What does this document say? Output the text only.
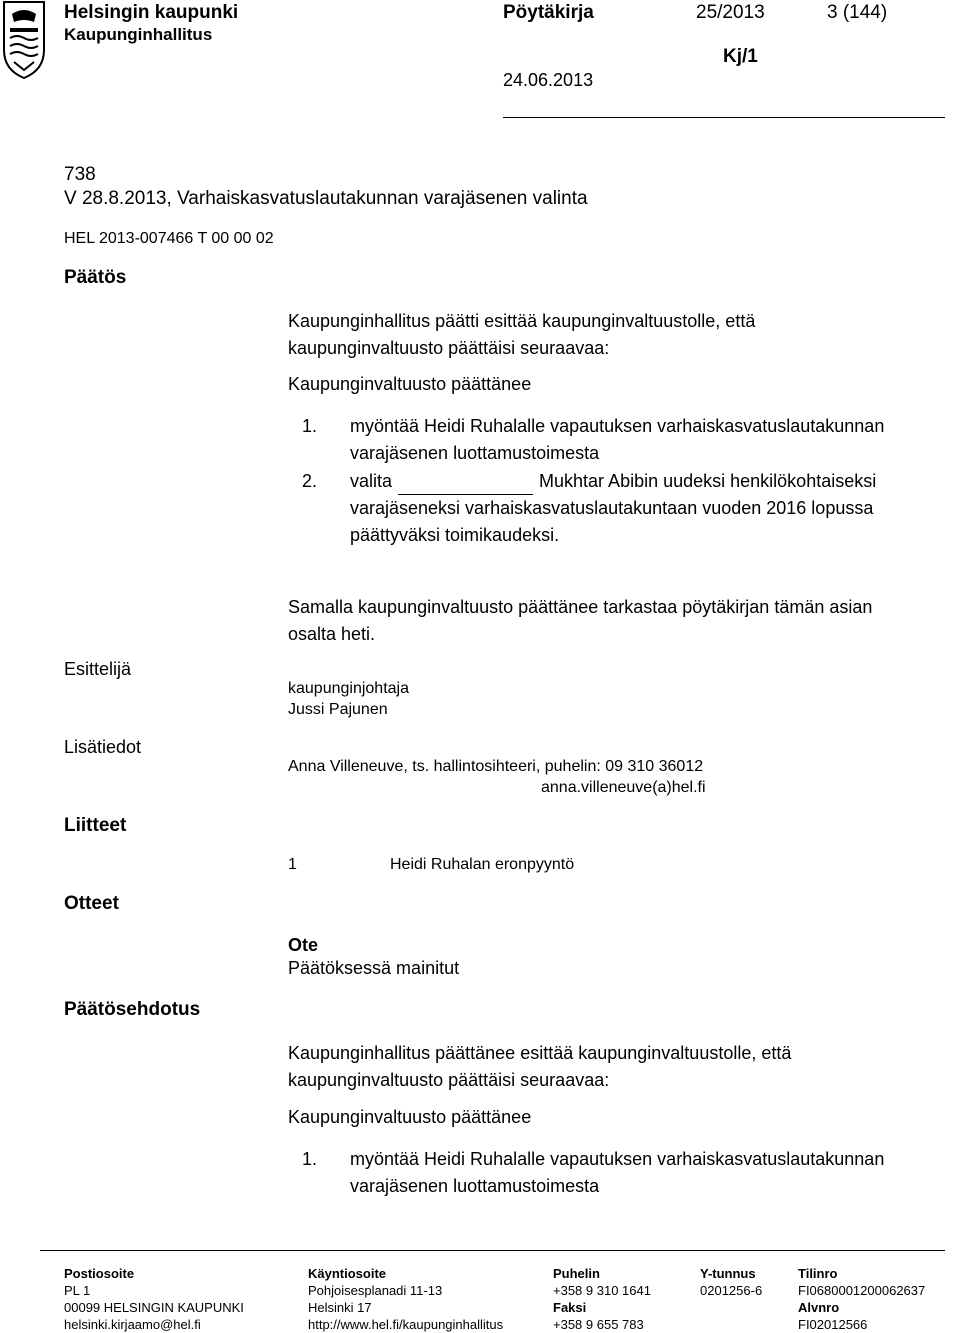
Helsingin kaupunki
Kaupunginhallitus
Pöytäkirja	25/2013	3 (144)
Kj/1
24.06.2013
738
V 28.8.2013, Varhaiskasvatuslautakunnan varajäsenen valinta
HEL 2013-007466 T 00 00 02
Päätös
Kaupunginhallitus päätti esittää kaupunginvaltuustolle, että kaupunginvaltuusto päättäisi seuraavaa:
Kaupunginvaltuusto päättänee
1. myöntää Heidi Ruhalalle vapautuksen varhaiskasvatuslautakunnan varajäsenen luottamustoimesta
2. valita	Mukhtar Abibin uudeksi henkilökohtaiseksi varajäseneksi varhaiskasvatuslautakuntaan vuoden 2016 lopussa päättyväksi toimikaudeksi.
Samalla kaupunginvaltuusto päättänee tarkastaa pöytäkirjan tämän asian osalta heti.
Esittelijä
kaupunginjohtaja
Jussi Pajunen
Lisätiedot
Anna Villeneuve, ts. hallintosihteeri, puhelin: 09 310 36012
anna.villeneuve(a)hel.fi
Liitteet
1	Heidi Ruhalan eronpyyntö
Otteet
Ote
Päätöksessä mainitut
Päätösehdotus
Kaupunginhallitus päättänee esittää kaupunginvaltuustolle, että kaupunginvaltuusto päättäisi seuraavaa:
Kaupunginvaltuusto päättänee
1. myöntää Heidi Ruhalalle vapautuksen varhaiskasvatuslautakunnan varajäsenen luottamustoimesta
Postiosoite
PL 1
00099 HELSINGIN KAUPUNKI
helsinki.kirjaamo@hel.fi
Käyntiosoite
Pohjoisesplanadi 11-13
Helsinki 17
http://www.hel.fi/kaupunginhallitus
Puhelin
+358 9 310 1641
Faksi
+358 9 655 783
Y-tunnus
0201256-6
Tilinro
FI0680001200062637
Alvnro
FI02012566
